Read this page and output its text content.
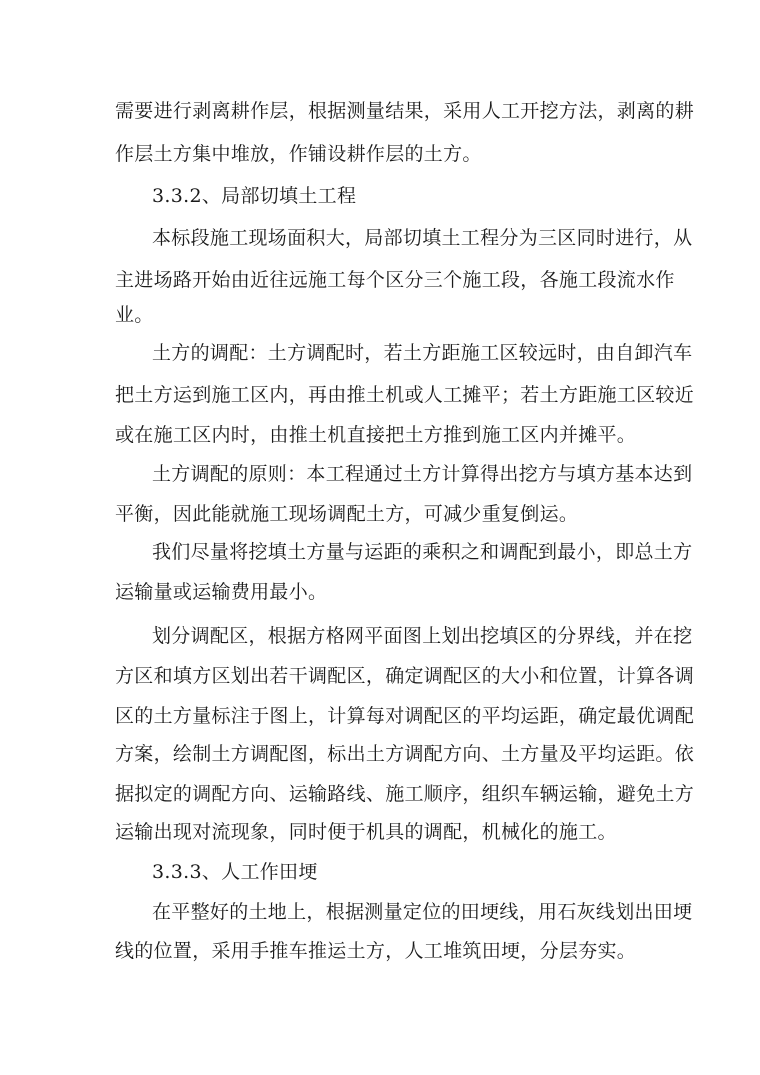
需要进行剥离耕作层，根据测量结果，采用人工开挖方法，剥离的耕
作层土方集中堆放，作铺设耕作层的土方。
3.3.2、局部切填土工程
本标段施工现场面积大，局部切填土工程分为三区同时进行，从
主进场路开始由近往远施工每个区分三个施工段，各施工段流水作
业。
土方的调配：土方调配时，若土方距施工区较远时，由自卸汽车
把土方运到施工区内，再由推土机或人工摊平；若土方距施工区较近
或在施工区内时，由推土机直接把土方推到施工区内并摊平。
土方调配的原则：本工程通过土方计算得出挖方与填方基本达到
平衡，因此能就施工现场调配土方，可减少重复倒运。
我们尽量将挖填土方量与运距的乘积之和调配到最小，即总土方
运输量或运输费用最小。
划分调配区，根据方格网平面图上划出挖填区的分界线，并在挖
方区和填方区划出若干调配区，确定调配区的大小和位置，计算各调
区的土方量标注于图上，计算每对调配区的平均运距，确定最优调配
方案，绘制土方调配图，标出土方调配方向、土方量及平均运距。依
据拟定的调配方向、运输路线、施工顺序，组织车辆运输，避免土方
运输出现对流现象，同时便于机具的调配，机械化的施工。
3.3.3、人工作田埂
在平整好的土地上，根据测量定位的田埂线，用石灰线划出田埂
线的位置，采用手推车推运土方，人工堆筑田埂，分层夯实。
